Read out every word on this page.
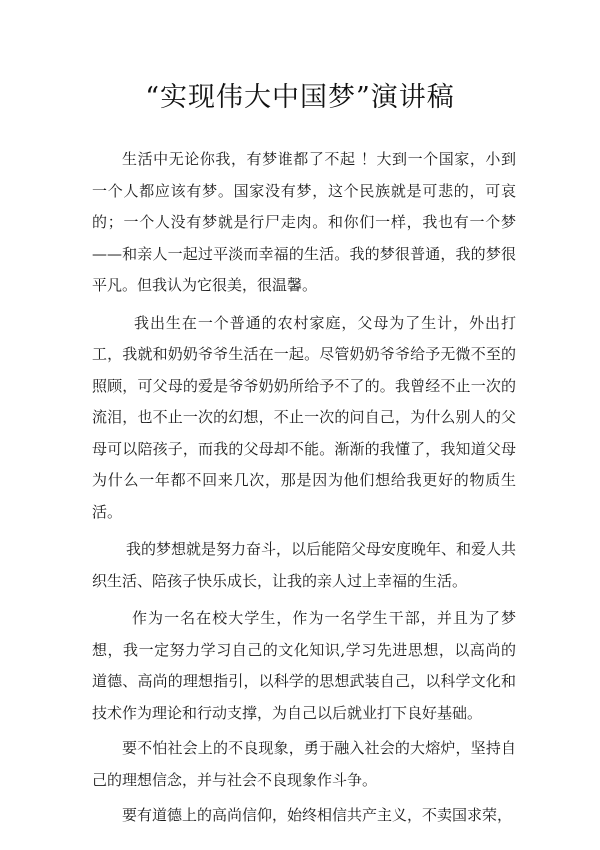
“实现伟大中国梦”演讲稿

生活中无论你我，有梦谁都了不起 ！大到一个国家，小到一个人都应该有梦。国家没有梦，这个民族就是可悲的，可哀的；一个人没有梦就是行尸走肉。和你们一样，我也有一个梦——和亲人一起过平淡而幸福的生活。我的梦很普通，我的梦很平凡。但我认为它很美，很温馨。

我出生在一个普通的农村家庭，父母为了生计，外出打工，我就和奶奶爷爷生活在一起。尽管奶奶爷爷给予无微不至的照顾，可父母的爱是爷爷奶奶所给予不了的。我曾经不止一次的流泪，也不止一次的幻想，不止一次的问自己，为什么别人的父母可以陪孩子，而我的父母却不能。渐渐的我懂了，我知道父母为什么一年都不回来几次，那是因为他们想给我更好的物质生活。

我的梦想就是努力奋斗，以后能陪父母安度晚年、和爱人共织生活、陪孩子快乐成长，让我的亲人过上幸福的生活。

作为一名在校大学生，作为一名学生干部，并且为了梦想，我一定努力学习自己的文化知识,学习先进思想，以高尚的道德、高尚的理想指引，以科学的思想武装自己，以科学文化和技术作为理论和行动支撑，为自己以后就业打下良好基础。

要不怕社会上的不良现象，勇于融入社会的大熔炉，坚持自己的理想信念，并与社会不良现象作斗争。

要有道德上的高尚信仰，始终相信共产主义，不卖国求荣，
